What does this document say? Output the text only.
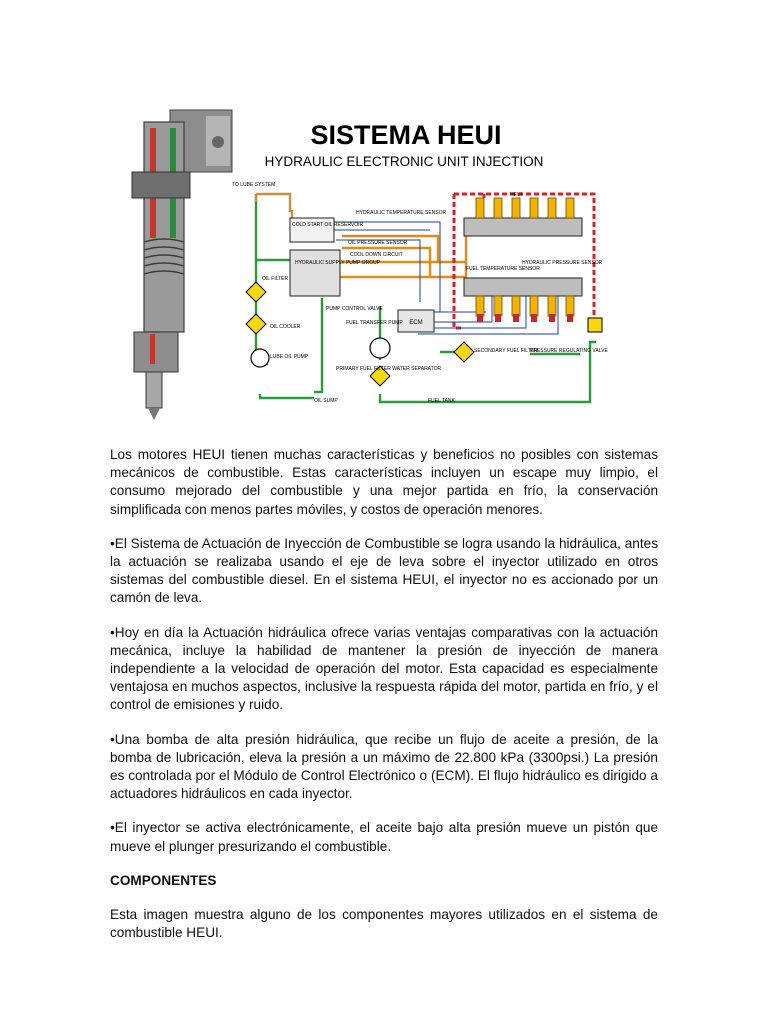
SISTEMA HEUI
HYDRAULIC ELECTRONIC UNIT INJECTION
HYDRAULIC SUPPLY PUMP GROUP
COLD START OIL RESERVOIR
TO LUBE SYSTEM
OIL FILTER
OIL COOLER
LUBE OIL PUMP
OIL SUMP
HYDRAULIC TEMPERATURE SENSOR
OIL PRESSURE SENSOR
COOL DOWN CIRCUIT
PUMP CONTROL VALVE
ECM
FUEL TRANSFER PUMP
PRIMARY FUEL FILTER WATER SEPARATOR
FUEL TANK
HEUI
FUEL TEMPERATURE SENSOR
HYDRAULIC PRESSURE SENSOR
SECONDARY FUEL FILTER
PRESSURE REGULATING VALVE

Los motores HEUI tienen muchas características y beneficios no posibles con sistemas mecánicos de combustible. Estas características incluyen un escape muy limpio, el consumo mejorado del combustible y una mejor partida en frío, la conservación simplificada con menos partes móviles, y costos de operación menores.

•El Sistema de Actuación de Inyección de Combustible se logra usando la hidráulica, antes la actuación se realizaba usando el eje de leva sobre el inyector utilizado en otros sistemas del combustible diesel. En el sistema HEUI, el inyector no es accionado por un camón de leva.

•Hoy en día la Actuación hidráulica ofrece varias ventajas comparativas con la actuación mecánica, incluye la habilidad de mantener la presión de inyección de manera independiente a la velocidad de operación del motor. Esta capacidad es especialmente ventajosa en muchos aspectos, inclusive la respuesta rápida del motor, partida en frío, y el control de emisiones y ruido.

•Una bomba de alta presión hidráulica, que recibe un flujo de aceite a presión, de la bomba de lubricación, eleva la presión a un máximo de 22.800 kPa (3300psi.) La presión es controlada por el Módulo de Control Electrónico o (ECM). El flujo hidráulico es dirigido a actuadores hidráulicos en cada inyector.

•El inyector se activa electrónicamente, el aceite bajo alta presión mueve un pistón que mueve el plunger presurizando el combustible.

COMPONENTES

Esta imagen muestra alguno de los componentes mayores utilizados en el sistema de combustible HEUI.
